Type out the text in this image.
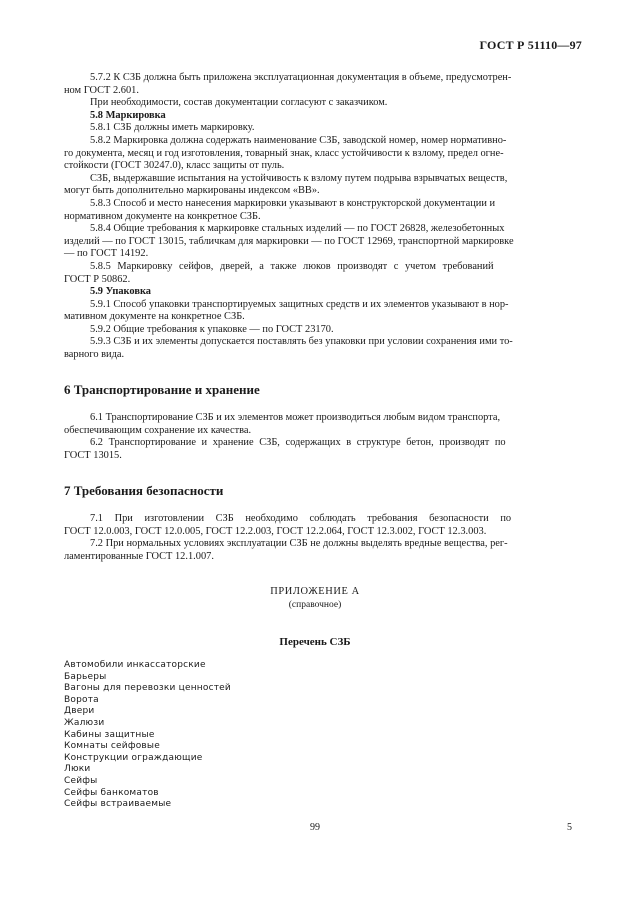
ГОСТ Р 51110—97
5.7.2 К СЗБ должна быть приложена эксплуатационная документация в объеме, предусмотрен-
ном ГОСТ 2.601.
При необходимости, состав документации согласуют с заказчиком.
5.8 Маркировка
5.8.1 СЗБ должны иметь маркировку.
5.8.2 Маркировка должна содержать наименование СЗБ, заводской номер, номер нормативно-
го документа, месяц и год изготовления, товарный знак, класс устойчивости к взлому, предел огне-
стойкости (ГОСТ 30247.0), класс защиты от пуль.
СЗБ, выдержавшие испытания на устойчивость к взлому путем подрыва взрывчатых веществ,
могут быть дополнительно маркированы индексом «ВВ».
5.8.3 Способ и место нанесения маркировки указывают в конструкторской документации и
нормативном документе на конкретное СЗБ.
5.8.4 Общие требования к маркировке стальных изделий — по ГОСТ 26828, железобетонных
изделий — по ГОСТ 13015, табличкам для маркировки — по ГОСТ 12969, транспортной маркировке
— по ГОСТ 14192.
5.8.5 Маркировку сейфов, дверей, а также люков производят с учетом требований
ГОСТ Р 50862.
5.9 Упаковка
5.9.1 Способ упаковки транспортируемых защитных средств и их элементов указывают в нор-
мативном документе на конкретное СЗБ.
5.9.2 Общие требования к упаковке — по ГОСТ 23170.
5.9.3 СЗБ и их элементы допускается поставлять без упаковки при условии сохранения ими то-
варного вида.
6 Транспортирование и хранение
6.1 Транспортирование СЗБ и их элементов может производиться любым видом транспорта,
обеспечивающим сохранение их качества.
6.2 Транспортирование и хранение СЗБ, содержащих в структуре бетон, производят по
ГОСТ 13015.
7 Требования безопасности
7.1 При изготовлении СЗБ необходимо соблюдать требования безопасности по
ГОСТ 12.0.003, ГОСТ 12.0.005, ГОСТ 12.2.003, ГОСТ 12.2.064, ГОСТ 12.3.002, ГОСТ 12.3.003.
7.2 При нормальных условиях эксплуатации СЗБ не должны выделять вредные вещества, рег-
ламентированные ГОСТ 12.1.007.
ПРИЛОЖЕНИЕ А
(справочное)
Перечень СЗБ
Автомобили инкассаторские
Барьеры
Вагоны для перевозки ценностей
Ворота
Двери
Жалюзи
Кабины защитные
Комнаты сейфовые
Конструкции ограждающие
Люки
Сейфы
Сейфы банкоматов
Сейфы встраиваемые
99	5
